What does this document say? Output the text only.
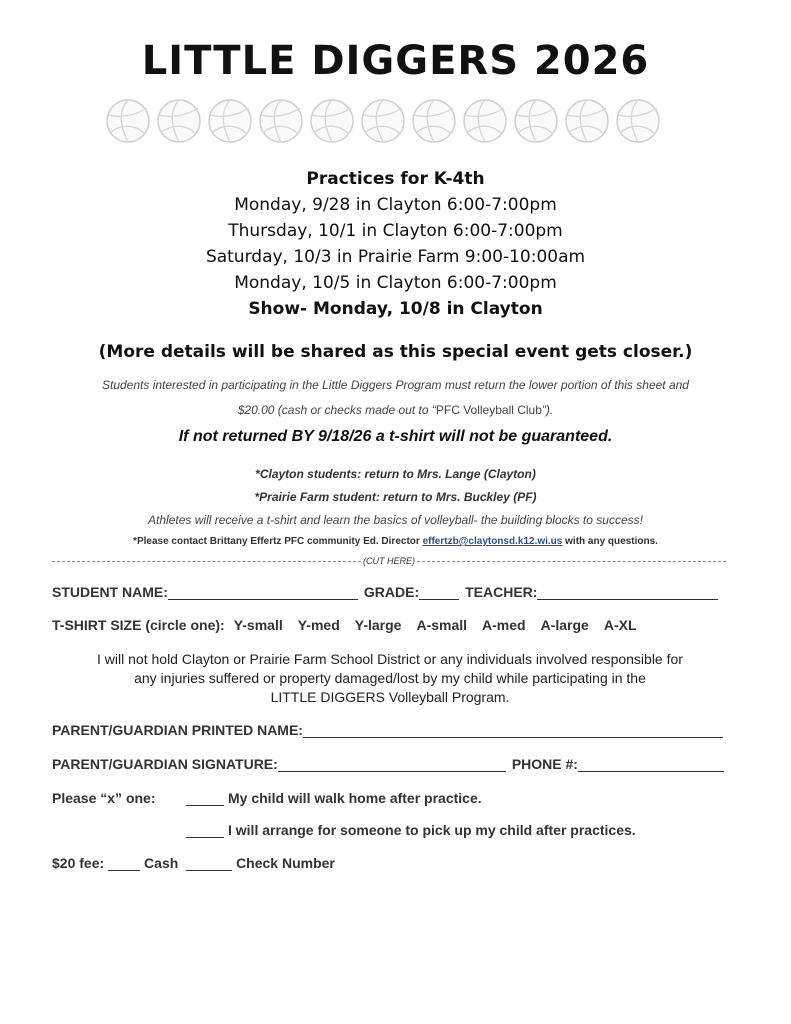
LITTLE DIGGERS 2026
Practices for K-4th
Monday, 9/28 in Clayton 6:00-7:00pm
Thursday, 10/1 in Clayton 6:00-7:00pm
Saturday, 10/3 in Prairie Farm 9:00-10:00am
Monday, 10/5 in Clayton 6:00-7:00pm
Show- Monday, 10/8 in Clayton
(More details will be shared as this special event gets closer.)
Students interested in participating in the Little Diggers Program must return the lower portion of this sheet and $20.00 (cash or checks made out to “PFC Volleyball Club”).
If not returned BY 9/18/26 a t-shirt will not be guaranteed.
*Clayton students: return to Mrs. Lange (Clayton)
*Prairie Farm student: return to Mrs. Buckley (PF)
Athletes will receive a t-shirt and learn the basics of volleyball- the building blocks to success!
*Please contact Brittany Effertz PFC community Ed. Director effertzb@claytonsd.k12.wi.us with any questions.
(CUT HERE)
STUDENT NAME:	GRADE:	TEACHER:
T-SHIRT SIZE (circle one): Y-small Y-med Y-large A-small A-med A-large A-XL
I will not hold Clayton or Prairie Farm School District or any individuals involved responsible for
any injuries suffered or property damaged/lost by my child while participating in the
LITTLE DIGGERS Volleyball Program.
PARENT/GUARDIAN PRINTED NAME:
PARENT/GUARDIAN SIGNATURE:	PHONE #:
Please “x” one:	My child will walk home after practice.
I will arrange for someone to pick up my child after practices.
$20 fee:	Cash	Check Number
